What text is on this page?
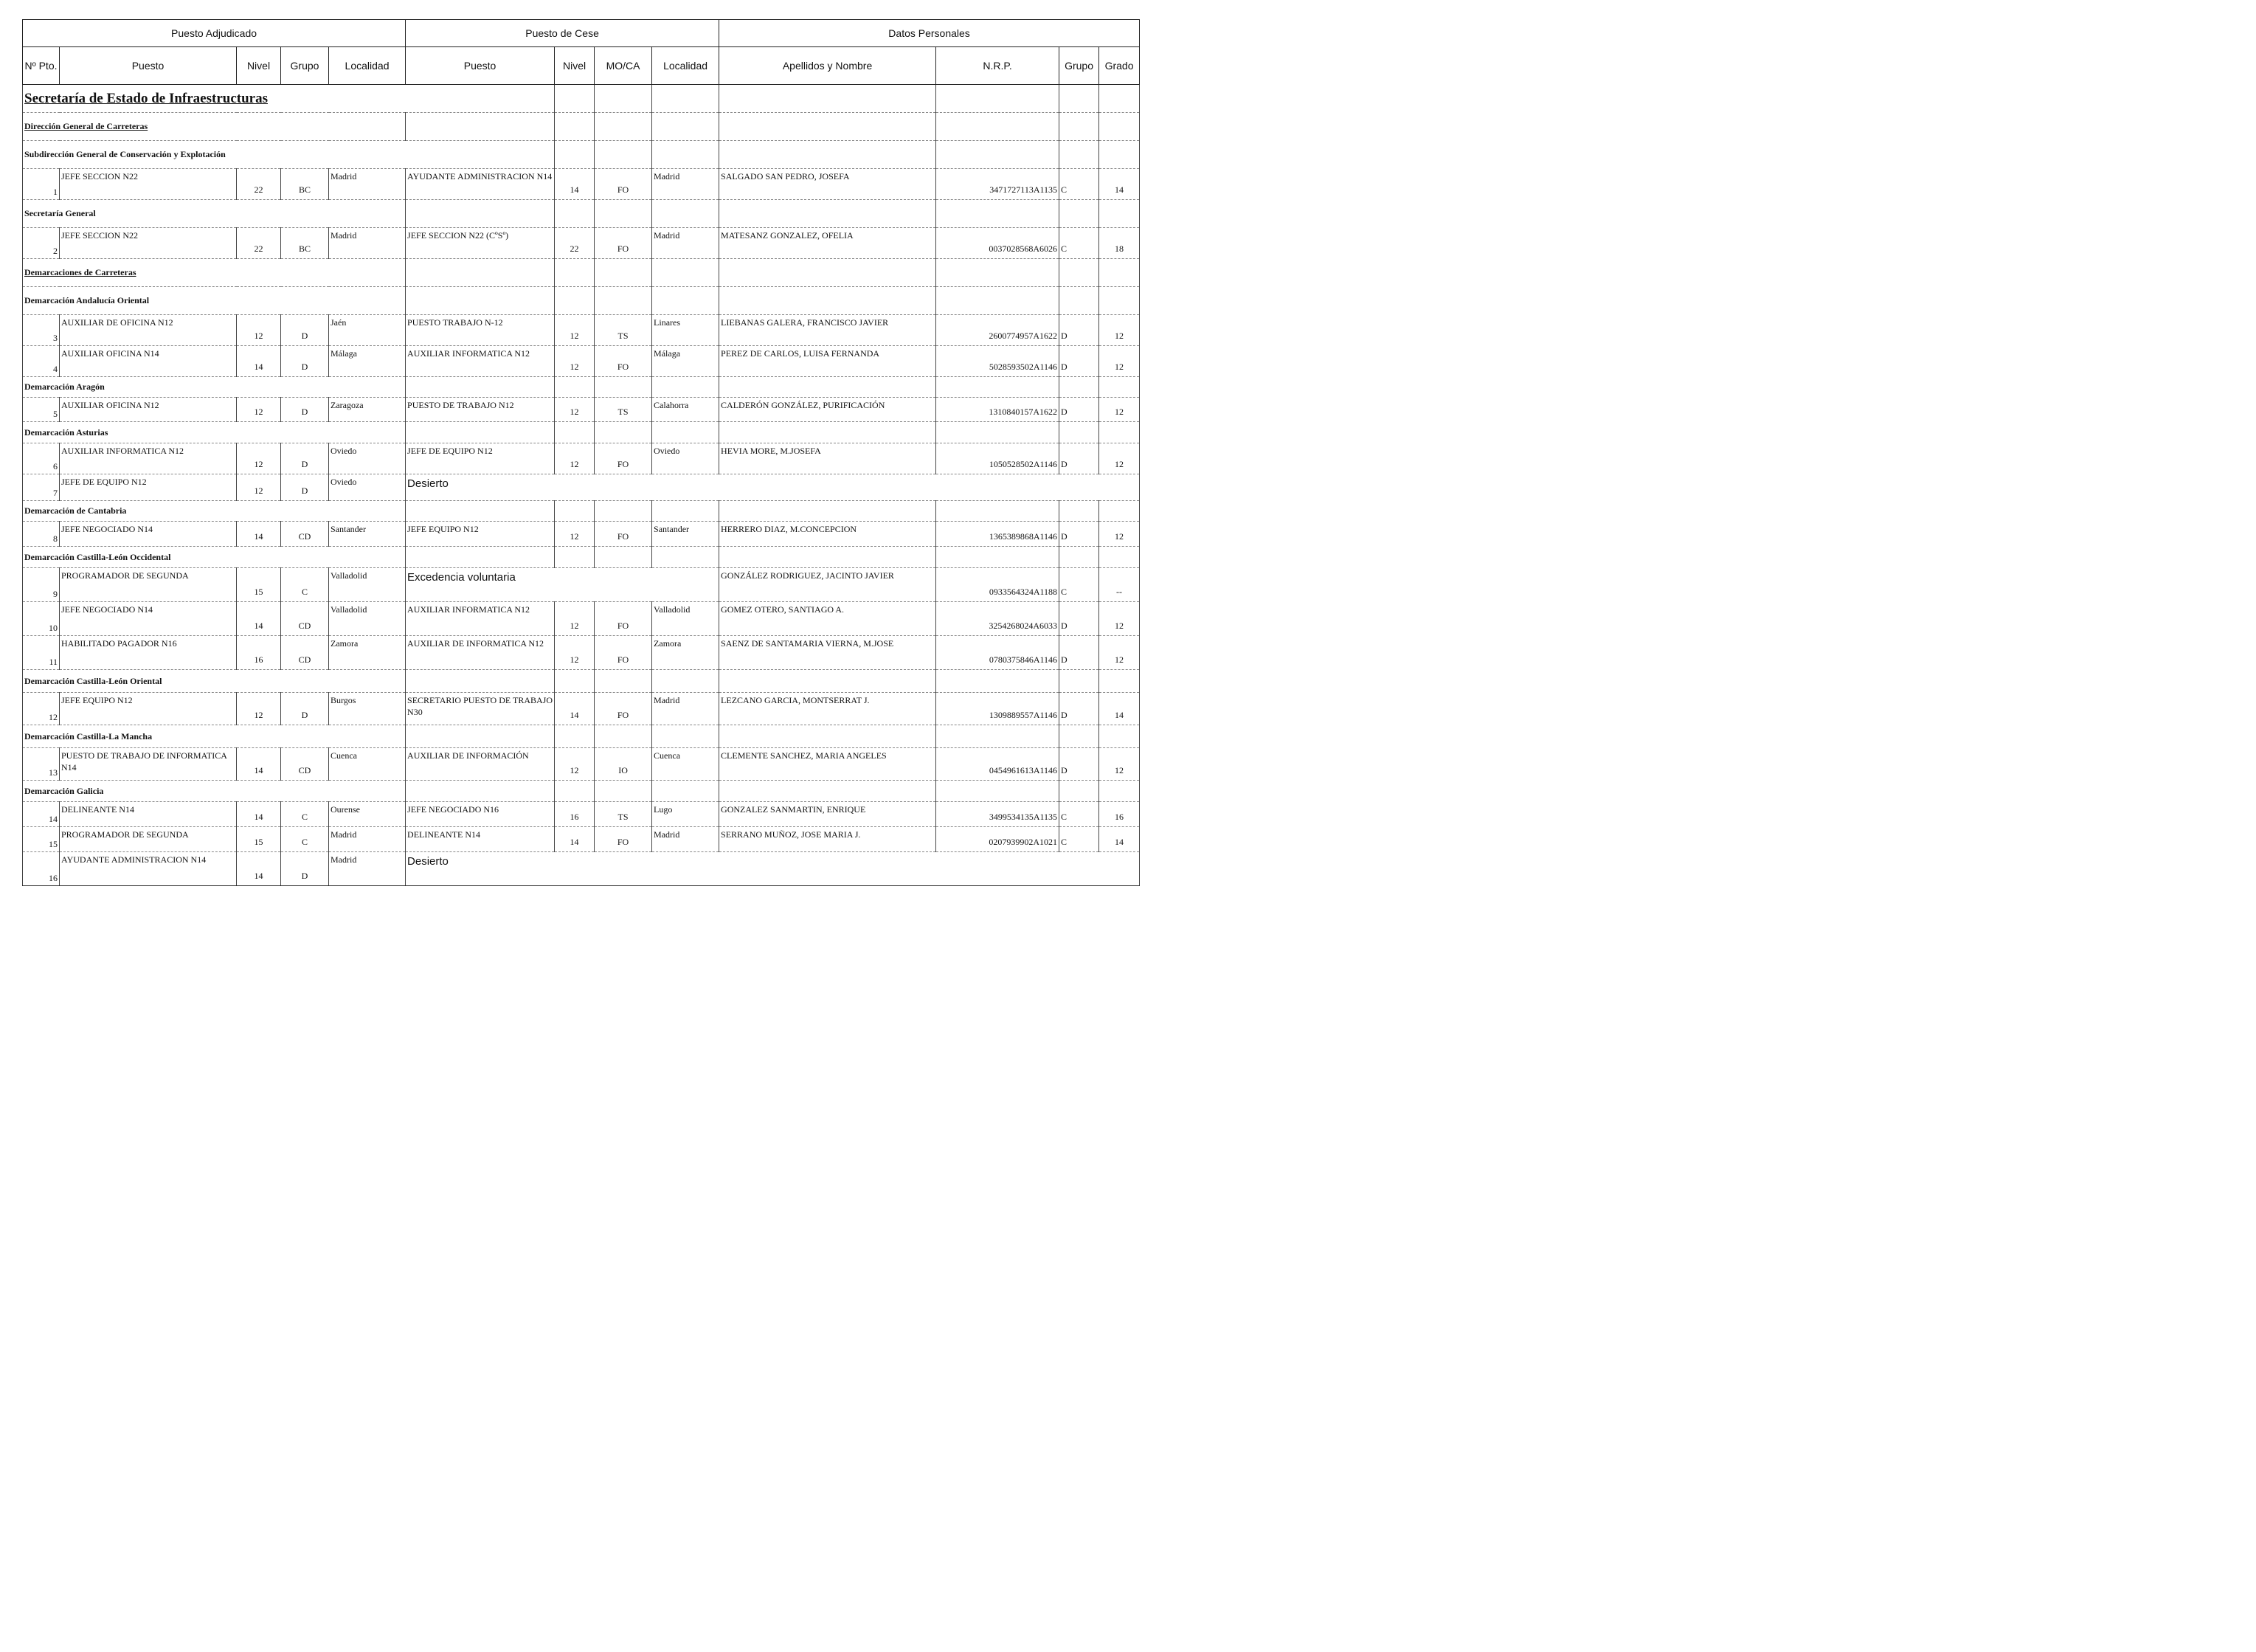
Puesto Adjudicado					Puesto de Cese				Datos Personales			
Nº Pto.	Puesto	Nivel	Grupo	Localidad	Puesto	Nivel	MO/CA	Localidad	Apellidos y Nombre	N.R.P.	Grupo	Grado
Secretaría de Estado de Infraestructuras												
Dirección General de Carreteras												
Subdirección General de Conservación y Explotación												
1	JEFE SECCION N22	22	BC	Madrid	AYUDANTE ADMINISTRACION N14	14	FO	Madrid	SALGADO SAN PEDRO, JOSEFA	3471727113A1135	C	14
Secretaría General												
2	JEFE SECCION N22	22	BC	Madrid	JEFE SECCION N22 (CºSº)	22	FO	Madrid	MATESANZ GONZALEZ, OFELIA	0037028568A6026	C	18
Demarcaciones de Carreteras												
Demarcación Andalucía Oriental												
3	AUXILIAR DE OFICINA N12	12	D	Jaén	PUESTO TRABAJO N-12	12	TS	Linares	LIEBANAS GALERA, FRANCISCO JAVIER	2600774957A1622	D	12
4	AUXILIAR OFICINA N14	14	D	Málaga	AUXILIAR INFORMATICA N12	12	FO	Málaga	PEREZ DE CARLOS, LUISA FERNANDA	5028593502A1146	D	12
Demarcación Aragón												
5	AUXILIAR OFICINA N12	12	D	Zaragoza	PUESTO DE TRABAJO N12	12	TS	Calahorra	CALDERÓN GONZÁLEZ, PURIFICACIÓN	1310840157A1622	D	12
Demarcación Asturias												
6	AUXILIAR INFORMATICA N12	12	D	Oviedo	JEFE DE EQUIPO N12	12	FO	Oviedo	HEVIA MORE, M.JOSEFA	1050528502A1146	D	12
7	JEFE DE EQUIPO N12	12	D	Oviedo	Desierto							
Demarcación de Cantabria												
8	JEFE NEGOCIADO N14	14	CD	Santander	JEFE EQUIPO N12	12	FO	Santander	HERRERO DIAZ, M.CONCEPCION	1365389868A1146	D	12
Demarcación Castilla-León Occidental												
9	PROGRAMADOR DE SEGUNDA	15	C	Valladolid	Excedencia voluntaria				GONZÁLEZ RODRIGUEZ, JACINTO JAVIER	0933564324A1188	C	--
10	JEFE NEGOCIADO N14	14	CD	Valladolid	AUXILIAR INFORMATICA N12	12	FO	Valladolid	GOMEZ OTERO, SANTIAGO A.	3254268024A6033	D	12
11	HABILITADO PAGADOR N16	16	CD	Zamora	AUXILIAR DE INFORMATICA N12	12	FO	Zamora	SAENZ DE SANTAMARIA VIERNA, M.JOSE	0780375846A1146	D	12
Demarcación Castilla-León Oriental												
12	JEFE EQUIPO N12	12	D	Burgos	SECRETARIO PUESTO DE TRABAJO N30	14	FO	Madrid	LEZCANO GARCIA, MONTSERRAT J.	1309889557A1146	D	14
Demarcación Castilla-La Mancha												
13	PUESTO DE TRABAJO DE INFORMATICA N14	14	CD	Cuenca	AUXILIAR DE INFORMACIÓN	12	IO	Cuenca	CLEMENTE SANCHEZ, MARIA ANGELES	0454961613A1146	D	12
Demarcación Galicia												
14	DELINEANTE N14	14	C	Ourense	JEFE NEGOCIADO N16	16	TS	Lugo	GONZALEZ SANMARTIN, ENRIQUE	3499534135A1135	C	16
15	PROGRAMADOR DE SEGUNDA	15	C	Madrid	DELINEANTE N14	14	FO	Madrid	SERRANO MUÑOZ, JOSE MARIA J.	0207939902A1021	C	14
16	AYUDANTE ADMINISTRACION N14	14	D	Madrid	Desierto							
